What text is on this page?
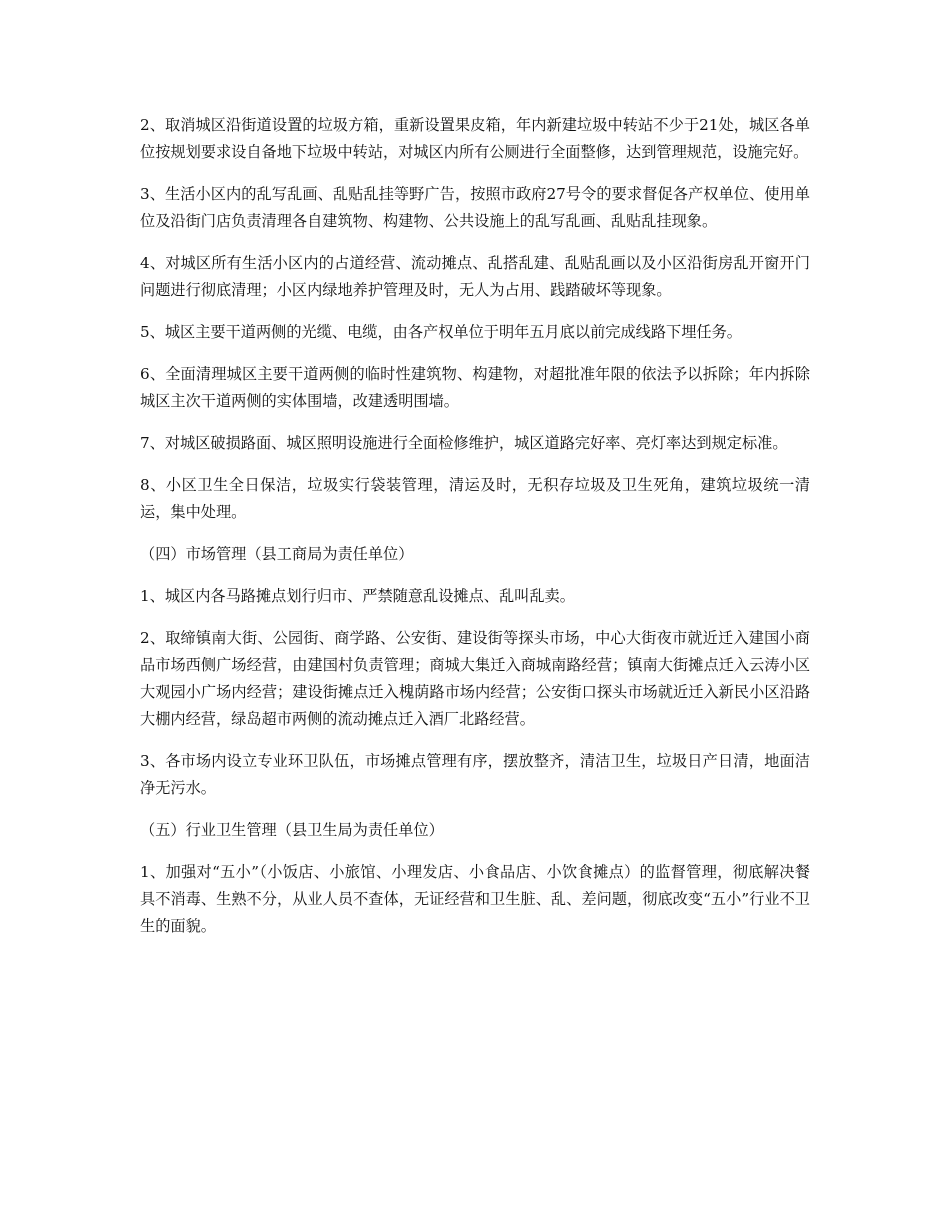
2、取消城区沿街道设置的垃圾方箱，重新设置果皮箱，年内新建垃圾中转站不少于21处，城区各单位按规划要求设自备地下垃圾中转站，对城区内所有公厕进行全面整修，达到管理规范，设施完好。

3、生活小区内的乱写乱画、乱贴乱挂等野广告，按照市政府27号令的要求督促各产权单位、使用单位及沿街门店负责清理各自建筑物、构建物、公共设施上的乱写乱画、乱贴乱挂现象。

4、对城区所有生活小区内的占道经营、流动摊点、乱搭乱建、乱贴乱画以及小区沿街房乱开窗开门问题进行彻底清理；小区内绿地养护管理及时，无人为占用、践踏破坏等现象。

5、城区主要干道两侧的光缆、电缆，由各产权单位于明年五月底以前完成线路下埋任务。

6、全面清理城区主要干道两侧的临时性建筑物、构建物，对超批准年限的依法予以拆除；年内拆除城区主次干道两侧的实体围墙，改建透明围墙。

7、对城区破损路面、城区照明设施进行全面检修维护，城区道路完好率、亮灯率达到规定标准。

8、小区卫生全日保洁，垃圾实行袋装管理，清运及时，无积存垃圾及卫生死角，建筑垃圾统一清运，集中处理。

（四）市场管理（县工商局为责任单位）

1、城区内各马路摊点划行归市、严禁随意乱设摊点、乱叫乱卖。

2、取缔镇南大街、公园街、商学路、公安街、建设街等探头市场，中心大街夜市就近迁入建国小商品市场西侧广场经营，由建国村负责管理；商城大集迁入商城南路经营；镇南大街摊点迁入云涛小区大观园小广场内经营；建设街摊点迁入槐荫路市场内经营；公安街口探头市场就近迁入新民小区沿路大棚内经营，绿岛超市两侧的流动摊点迁入酒厂北路经营。

3、各市场内设立专业环卫队伍，市场摊点管理有序，摆放整齐，清洁卫生，垃圾日产日清，地面洁净无污水。

（五）行业卫生管理（县卫生局为责任单位）

1、加强对“五小”（小饭店、小旅馆、小理发店、小食品店、小饮食摊点）的监督管理，彻底解决餐具不消毒、生熟不分，从业人员不查体，无证经营和卫生脏、乱、差问题，彻底改变“五小”行业不卫生的面貌。
